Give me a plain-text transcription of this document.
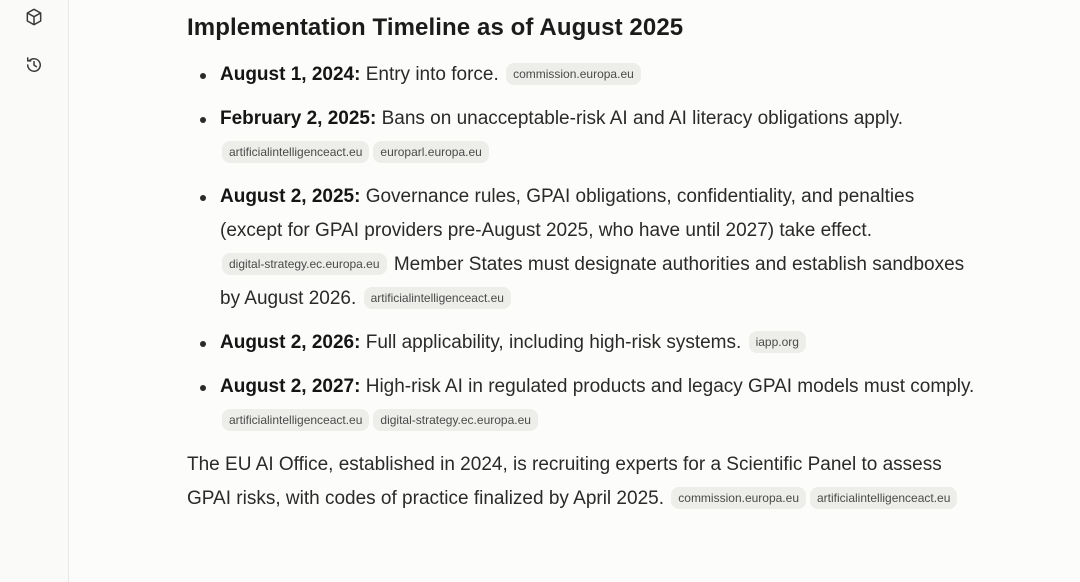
Implementation Timeline as of August 2025
August 1, 2024: Entry into force. commission.europa.eu
February 2, 2025: Bans on unacceptable-risk AI and AI literacy obligations apply. artificialintelligenceact.eu europarl.europa.eu
August 2, 2025: Governance rules, GPAI obligations, confidentiality, and penalties (except for GPAI providers pre-August 2025, who have until 2027) take effect. digital-strategy.ec.europa.eu Member States must designate authorities and establish sandboxes by August 2026. artificialintelligenceact.eu
August 2, 2026: Full applicability, including high-risk systems. iapp.org
August 2, 2027: High-risk AI in regulated products and legacy GPAI models must comply. artificialintelligenceact.eu digital-strategy.ec.europa.eu

The EU AI Office, established in 2024, is recruiting experts for a Scientific Panel to assess GPAI risks, with codes of practice finalized by April 2025. commission.europa.eu artificialintelligenceact.eu
